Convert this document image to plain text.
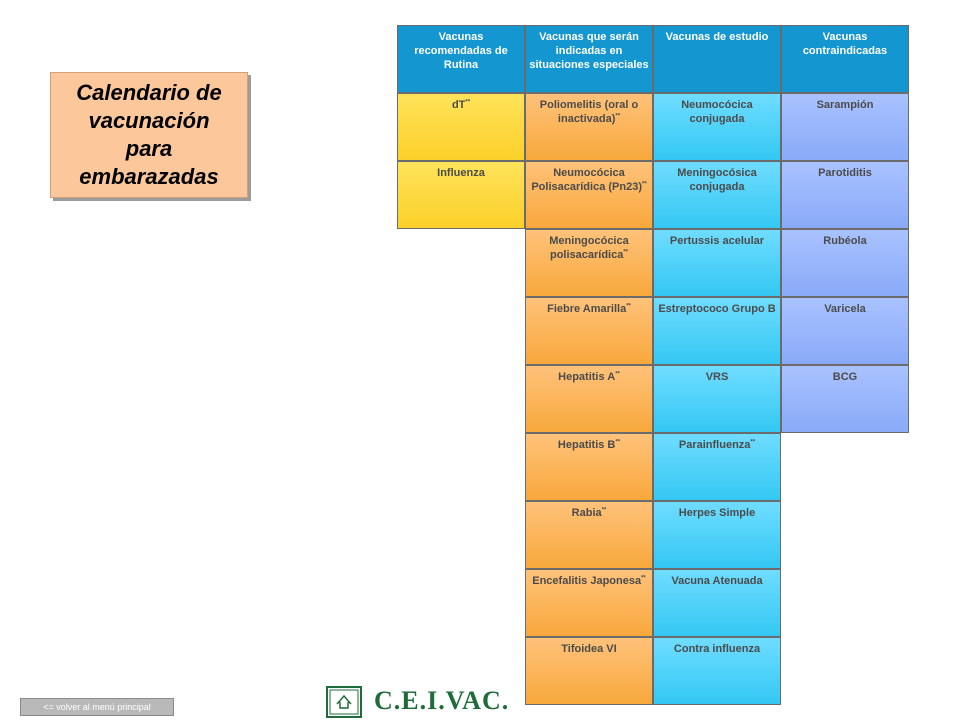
Calendario de
vacunación
para
embarazadas
Vacunas recomendadas de Rutina
Vacunas que serán indicadas en situaciones especiales
Vacunas de estudio	Vacunas contraindicadas
dT**
Influenza
Poliomelitis (oral o inactivada)**
Neumocócica Polisacarídica (Pn23)**
Meningocócica polisacarídica**
Fiebre Amarilla**
Hepatitis A**
Hepatitis B**
Rabia**
Encefalitis Japonesa**
Tifoidea VI
Neumocócica conjugada
Meningocósica conjugada
Pertussis acelular
Estreptococo Grupo B
VRS
Parainfluenza**
Herpes Simple
Vacuna Atenuada
Contra influenza
Sarampión
Parotiditis
Rubéola
Varicela
BCG
<= volver al menú principal	C.E.I.VAC.
